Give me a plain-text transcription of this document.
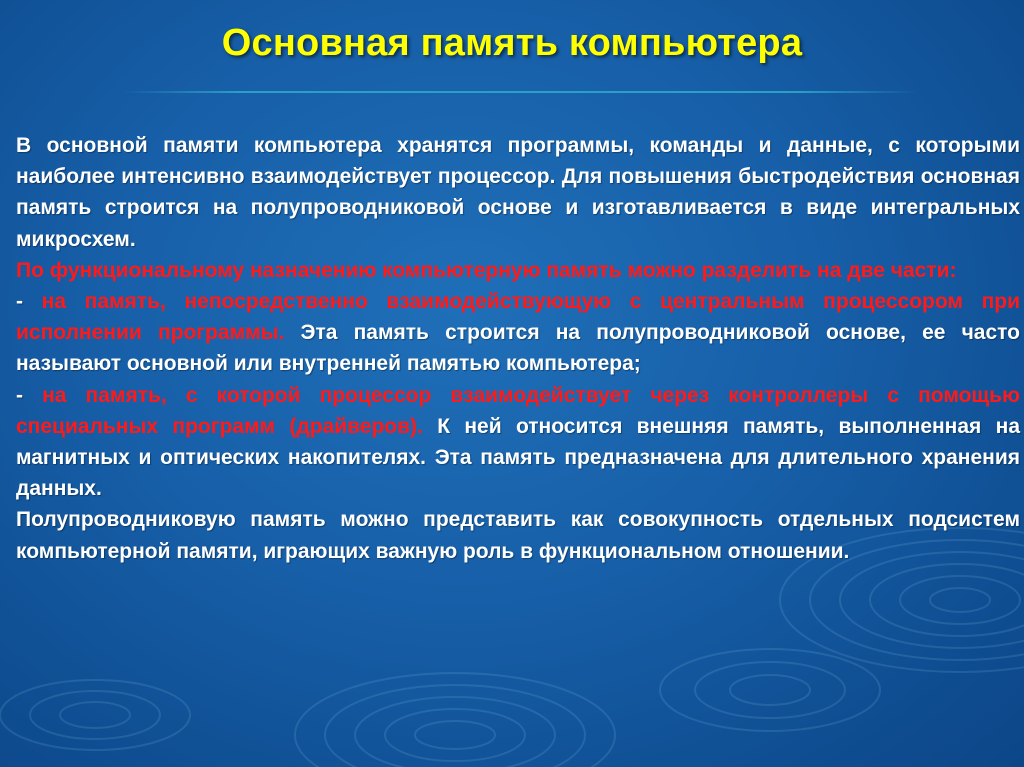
Основная память компьютера

В основной памяти компьютера хранятся программы, команды и данные, с которыми наиболее интенсивно взаимодействует процессор. Для повышения быстродействия основная память строится на полупроводниковой основе и изготавливается в виде интегральных микросхем.

По функциональному назначению компьютерную память можно разделить на две части:

- на память, непосредственно взаимодействующую с центральным процессором при исполнении программы. Эта память строится на полупроводниковой основе, ее часто называют основной или внутренней памятью компьютера;

- на память, с которой процессор взаимодействует через контроллеры с помощью специальных программ (драйверов). К ней относится внешняя память, выполненная на магнитных и оптических накопителях. Эта память предназначена для длительного хранения данных.

Полупроводниковую память можно представить как совокупность отдельных подсистем компьютерной памяти, играющих важную роль в функциональном отношении.
